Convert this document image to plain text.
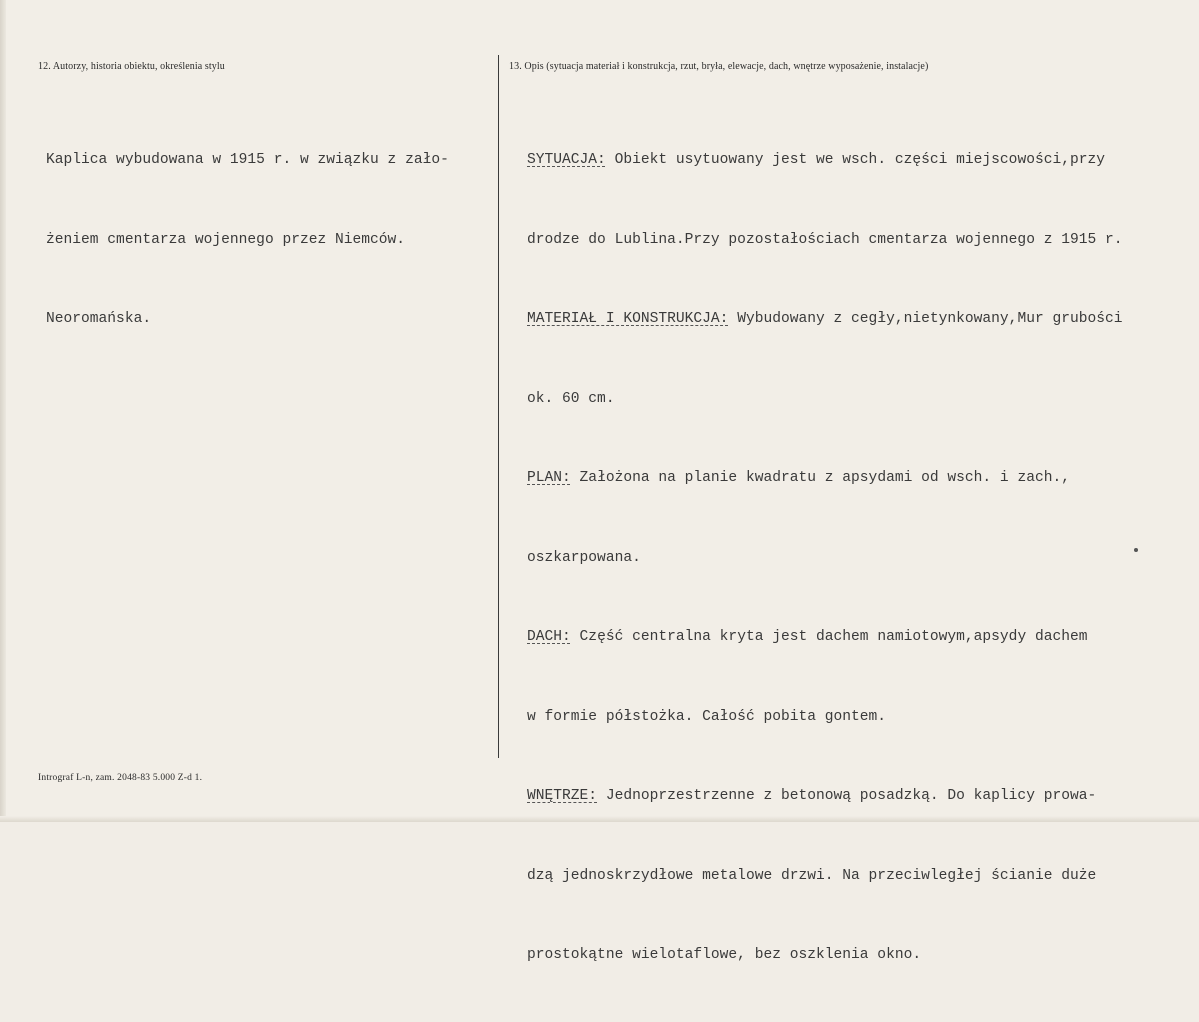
12. Autorzy, historia obiektu, określenia stylu	13. Opis (sytuacja materiał i konstrukcja, rzut, bryła, elewacje, dach, wnętrze wyposażenie, instalacje)

Kaplica wybudowana w 1915 r. w związku z zało-

żeniem cmentarza wojennego przez Niemców.

Neoromańska.

SYTUACJA: Obiekt usytuowany jest we wsch. części miejscowości,przy

drodze do Lublina.Przy pozostałościach cmentarza wojennego z 1915 r.

MATERIAŁ I KONSTRUKCJA: Wybudowany z cegły,nietynkowany,Mur grubości

ok. 60 cm.

PLAN: Założona na planie kwadratu z apsydami od wsch. i zach.,

oszkarpowana.

DACH: Część centralna kryta jest dachem namiotowym,apsydy dachem

w formie półstożka. Całość pobita gontem.

WNĘTRZE: Jednoprzestrzenne z betonową posadzką. Do kaplicy prowa-

dzą jednoskrzydłowe metalowe drzwi. Na przeciwległej ścianie duże

prostokątne wielotaflowe, bez oszklenia okno.

Intrograf L-n, zam. 2048-83 5.000 Z-d 1.
